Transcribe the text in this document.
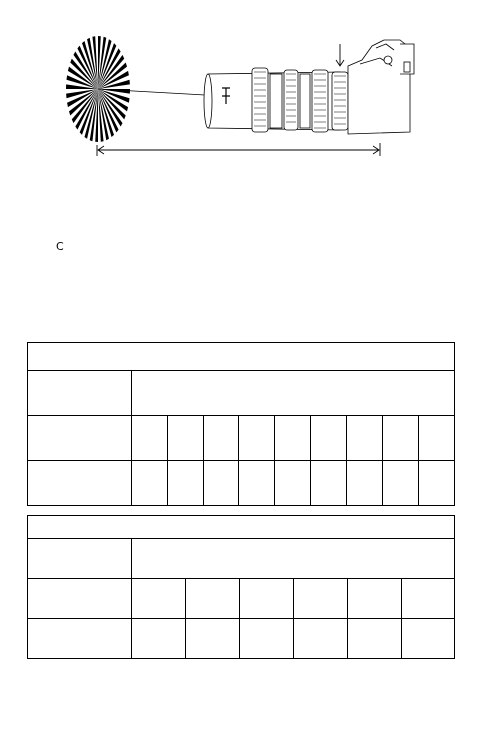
C
